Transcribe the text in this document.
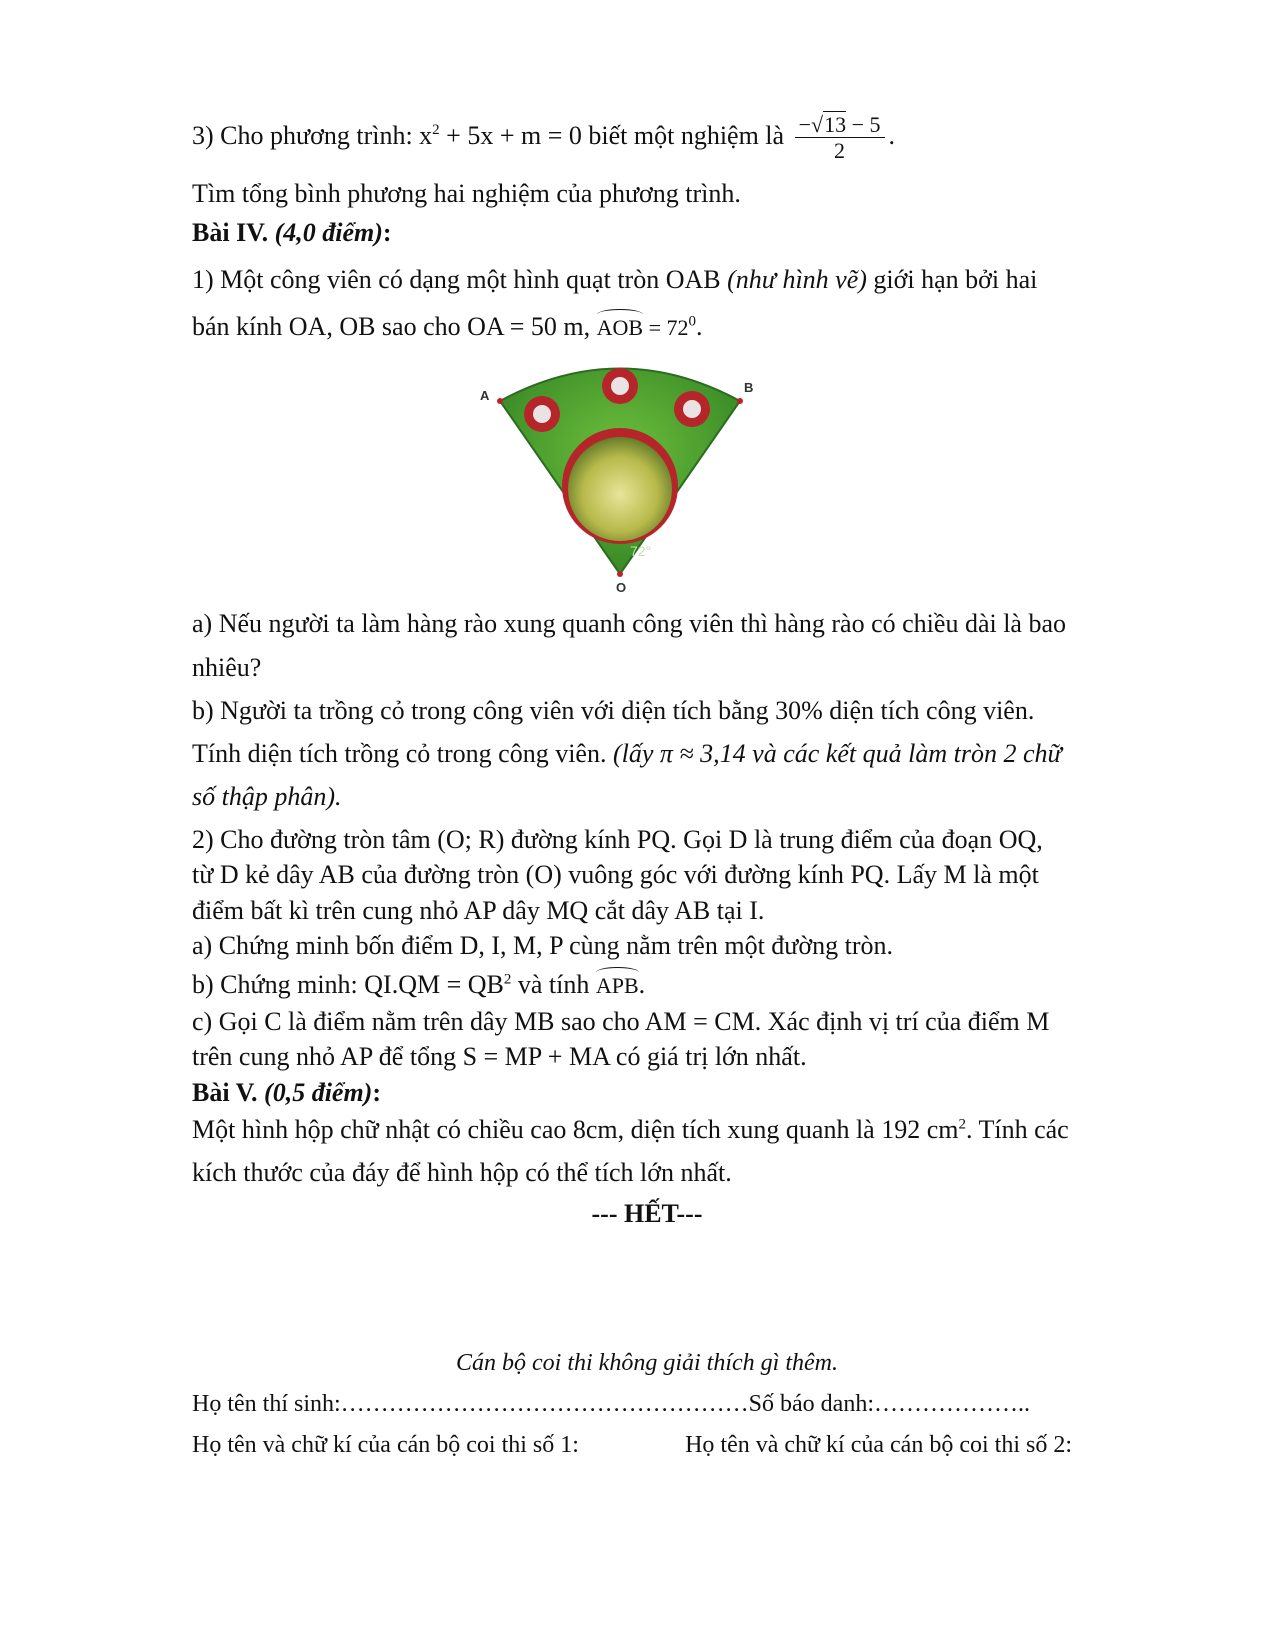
3) Cho phương trình: $x^2 + 5x + m = 0$ biết một nghiệm là $\frac{-√13 - 5}{2}$ .

Tìm tổng bình phương hai nghiệm của phương trình.

Bài IV. (4,0 điểm):

1) Một công viên có dạng một hình quạt tròn OAB (như hình vẽ) giới hạn bởi hai

bán kính OA, OB sao cho OA = 50 m, AOB = $72^0$.

72°
A
B
O

a) Nếu người ta làm hàng rào xung quanh công viên thì hàng rào có chiều dài là bao

nhiêu?

b) Người ta trồng cỏ trong công viên với diện tích bằng 30% diện tích công viên.

Tính diện tích trồng cỏ trong công viên. (lấy π ≈ 3,14 và các kết quả làm tròn 2 chữ

số thập phân).

2) Cho đường tròn tâm (O; R) đường kính PQ. Gọi D là trung điểm của đoạn OQ,

từ D kẻ dây AB của đường tròn (O) vuông góc với đường kính PQ. Lấy M là một

điểm bất kì trên cung nhỏ AP dây MQ cắt dây AB tại I.

a) Chứng minh bốn điểm D, I, M, P cùng nằm trên một đường tròn.

b) Chứng minh: $QI.QM = QB^2$ và tính APB.

c) Gọi C là điểm nằm trên dây MB sao cho AM = CM. Xác định vị trí của điểm M

trên cung nhỏ AP để tổng S = MP + MA có giá trị lớn nhất.

Bài V. (0,5 điểm):

Một hình hộp chữ nhật có chiều cao 8cm, diện tích xung quanh là 192 $cm^2$. Tính các

kích thước của đáy để hình hộp có thể tích lớn nhất.

--- HẾT---

Cán bộ coi thi không giải thích gì thêm.

Họ tên thí sinh:……………………………………………Số báo danh:………………..

Họ tên và chữ kí của cán bộ coi thi số 1:	Họ tên và chữ kí của cán bộ coi thi số 2:
